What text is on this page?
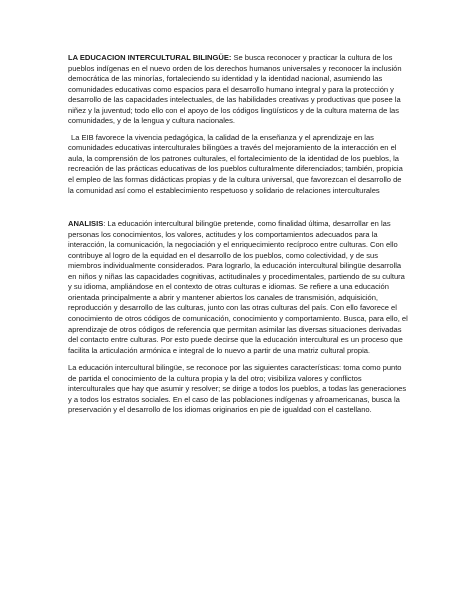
LA EDUCACION INTERCULTURAL BILINGÜE: Se busca reconocer y practicar la cultura de los pueblos indígenas en el nuevo orden de los derechos humanos universales y reconocer la inclusión democrática de las minorías, fortaleciendo su identidad y la identidad nacional, asumiendo las comunidades educativas como espacios para el desarrollo humano integral y para la protección y desarrollo de las capacidades intelectuales, de las habilidades creativas y productivas que posee la niñez y la juventud; todo ello con el apoyo de los códigos lingüísticos y de la cultura materna de las comunidades, y de la lengua y cultura nacionales.

La EIB favorece la vivencia pedagógica, la calidad de la enseñanza y el aprendizaje en las comunidades educativas interculturales bilingües a través del mejoramiento de la interacción en el aula, la comprensión de los patrones culturales, el fortalecimiento de la identidad de los pueblos, la recreación de las prácticas educativas de los pueblos culturalmente diferenciados; también, propicia el empleo de las formas didácticas propias y de la cultura universal, que favorezcan el desarrollo de la comunidad así como el establecimiento respetuoso y solidario de relaciones interculturales

ANALISIS: La educación intercultural bilingüe pretende, como finalidad última, desarrollar en las personas los conocimientos, los valores, actitudes y los comportamientos adecuados para la interacción, la comunicación, la negociación y el enriquecimiento recíproco entre culturas. Con ello contribuye al logro de la equidad en el desarrollo de los pueblos, como colectividad, y de sus miembros individualmente considerados. Para lograrlo, la educación intercultural bilingüe desarrolla en niños y niñas las capacidades cognitivas, actitudinales y procedimentales, partiendo de su cultura y su idioma, ampliándose en el contexto de otras culturas e idiomas. Se refiere a una educación orientada principalmente a abrir y mantener abiertos los canales de transmisión, adquisición, reproducción y desarrollo de las culturas, junto con las otras culturas del país. Con ello favorece el conocimiento de otros códigos de comunicación, conocimiento y comportamiento. Busca, para ello, el aprendizaje de otros códigos de referencia que permitan asimilar las diversas situaciones derivadas del contacto entre culturas. Por esto puede decirse que la educación intercultural es un proceso que facilita la articulación armónica e integral de lo nuevo a partir de una matriz cultural propia.

La educación intercultural bilingüe, se reconoce por las siguientes características: toma como punto de partida el conocimiento de la cultura propia y la del otro; visibiliza valores y conflictos interculturales que hay que asumir y resolver; se dirige a todos los pueblos, a todas las generaciones y a todos los estratos sociales. En el caso de las poblaciones indígenas y afroamericanas, busca la preservación y el desarrollo de los idiomas originarios en pie de igualdad con el castellano.
